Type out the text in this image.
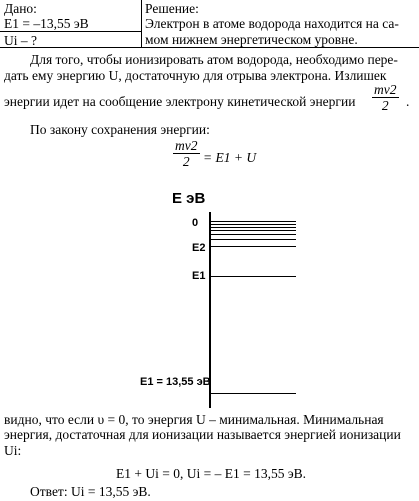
Дано:
E1 = –13,55 эВ
Ui – ?
Решение:
Электрон в атоме водорода находится на са-
мом нижнем энергетическом уровне.
Для того, чтобы ионизировать атом водорода, необходимо пере-
дать ему энергию U, достаточную для отрыва электрона. Излишек
энергии идет на сообщение электрону кинетической энергии $\frac{mv2}{2}$ .
По закону сохранения энергии:
$\frac{mv2}{2} = E1 + U$
E эВ
0
E2
E1
E1 = 13,55 эВ
видно, что если υ = 0, то энергия U – минимальная. Минимальная
энергия, достаточная для ионизации называется энергией ионизации
Ui:
E1 + Ui = 0, Ui = – E1 = 13,55 эВ.
Ответ: Ui = 13,55 эВ.
